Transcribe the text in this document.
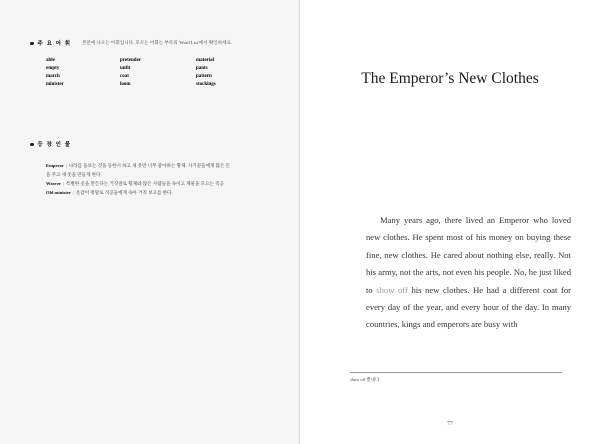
주 요 어 휘 본문에 나오는 어휘입니다. 모르는 어휘는 부록의 'Word List'에서 확인하세요.
able	pretender	material
empty	unfit	pants
march	coat	pattern
minister	loom	stockings
등 장 인 물
Emperor | 나라를 돌보는 것을 등한시 하고 새 옷만 너무 좋아하는 황제. 사기꾼들에게 많은 돈
을 주고 새 옷을 만들게 한다.
Weaver | 특별한 옷을 만든다는 거짓말로 황제와 많은 사람들을 속이고 재물을 모으는 직공
Old minister | 옷감이 정말로 직공들에게 속아 거짓 보고를 한다.
The Emperor’s New Clothes

Many years ago, there lived an Emperor who loved new clothes. He spent most of his money on buying these fine, new clothes. He cared about nothing else, really. Not his army, not the arts, not even his people. No, he just liked to show off his new clothes. He had a different coat for every day of the year, and every hour of the day. In many countries, kings and emperors are busy with

show off 뽐내다
77
